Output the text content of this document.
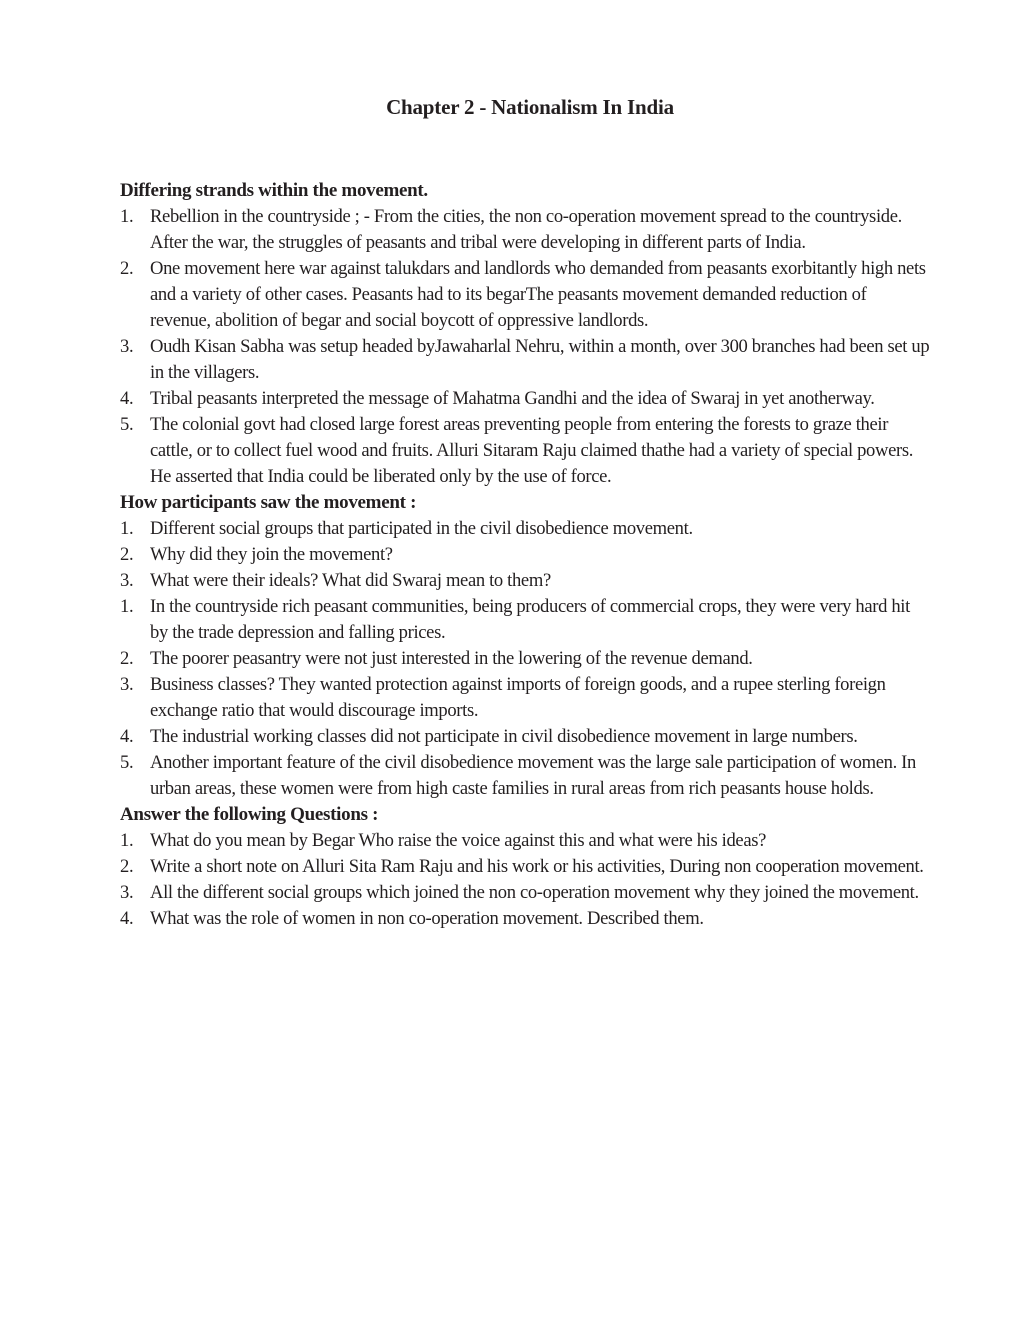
Chapter 2 - Nationalism In India
Differing strands within the movement.
1. Rebellion in the countryside ; - From the cities, the non co-operation movement spread to the countryside. After the war, the struggles of peasants and tribal were developing in different parts of India.
2. One movement here war against talukdars and landlords who demanded from peasants exorbitantly high nets and a variety of other cases. Peasants had to its begarThe peasants movement demanded reduction of revenue, abolition of begar and social boycott of oppressive landlords.
3. Oudh Kisan Sabha was setup headed byJawaharlal Nehru, within a month, over 300 branches had been set up in the villagers.
4. Tribal peasants interpreted the message of Mahatma Gandhi and the idea of Swaraj in yet anotherway.
5. The colonial govt had closed large forest areas preventing people from entering the forests to graze their cattle, or to collect fuel wood and fruits. Alluri Sitaram Raju claimed thathe had a variety of special powers. He asserted that India could be liberated only by the use of force.
How participants saw the movement :
1. Different social groups that participated in the civil disobedience movement.
2. Why did they join the movement?
3. What were their ideals? What did Swaraj mean to them?
1. In the countryside rich peasant communities, being producers of commercial crops, they were very hard hit by the trade depression and falling prices.
2. The poorer peasantry were not just interested in the lowering of the revenue demand.
3. Business classes? They wanted protection against imports of foreign goods, and a rupee sterling foreign exchange ratio that would discourage imports.
4. The industrial working classes did not participate in civil disobedience movement in large numbers.
5. Another important feature of the civil disobedience movement was the large sale participation of women. In urban areas, these women were from high caste families in rural areas from rich peasants house holds.
Answer the following Questions :
1. What do you mean by Begar Who raise the voice against this and what were his ideas?
2. Write a short note on Alluri Sita Ram Raju and his work or his activities, During non cooperation movement.
3. All the different social groups which joined the non co-operation movement why they joined the movement.
4. What was the role of women in non co-operation movement. Described them.
